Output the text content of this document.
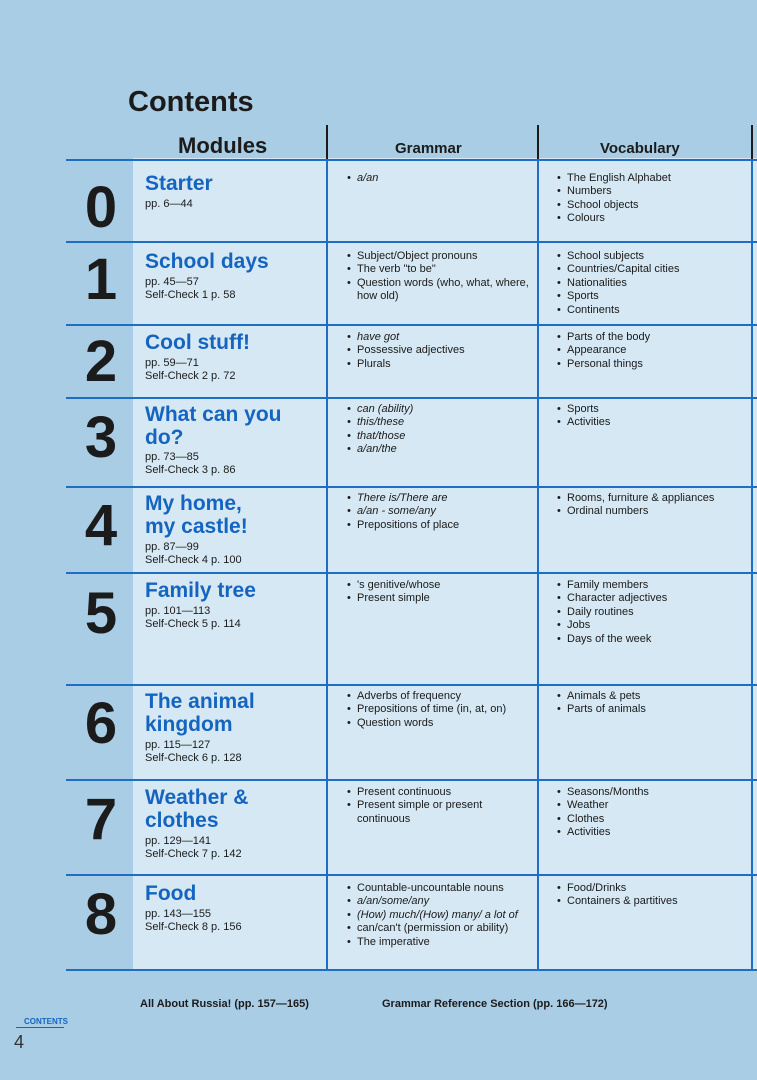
Contents
Modules	Grammar	Vocabulary
0	Starter
pp. 6—44
• a/an
•	The English Alphabet
• Numbers
• School objects
• Colours
1	School days
pp. 45—57
Self-Check 1 p. 58
• Subject/Object pronouns
• The verb "to be"
• Question words (who, what, where, how old)
• School subjects
• Countries/Capital cities
• Nationalities
• Sports
• Continents
2	Cool stuff!
pp. 59—71
Self-Check 2 p. 72
• have got
• Possessive adjectives
• Plurals
• Parts of the body
• Appearance
• Personal things
3	What can you
do?
pp. 73—85
Self-Check 3 p. 86
• can (ability)
• this/these
• that/those
• a/an/the
• Sports
• Activities
4	My home,
my castle!
pp. 87—99
Self-Check 4 p. 100
• There is/There are
• a/an - some/any
• Prepositions of place
• Rooms, furniture & appliances
• Ordinal numbers
5	Family tree
pp. 101—113
Self-Check 5 p. 114
• 's genitive/whose
• Present simple
• Family members
• Character adjectives
• Daily routines
• Jobs
• Days of the week
6	The animal
kingdom
pp. 115—127
Self-Check 6 p. 128
• Adverbs of frequency
• Prepositions of time (in, at, on)
• Question words
• Animals & pets
• Parts of animals
7	Weather &
clothes
pp. 129—141
Self-Check 7 p. 142
• Present continuous
• Present simple or present continuous
• Seasons/Months
• Weather
• Clothes
• Activities
8	Food
pp. 143—155
Self-Check 8 p. 156
• Countable-uncountable nouns
• a/an/some/any
• (How) much/(How) many/ a lot of
• can/can't (permission or ability)
• The imperative
• Food/Drinks
• Containers & partitives
All About Russia! (pp. 157—165)	Grammar Reference Section (pp. 166—172)
CONTENTS
4
